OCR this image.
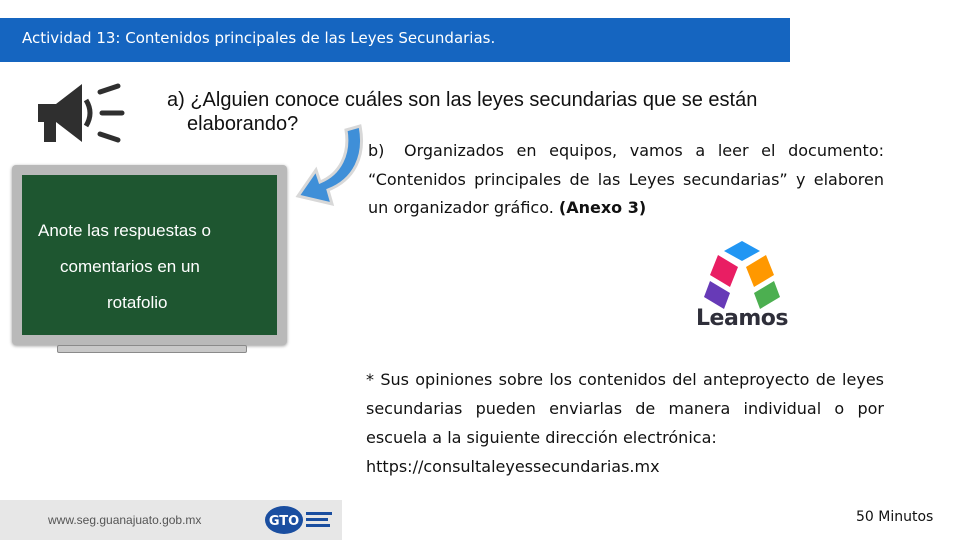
Actividad 13: Contenidos principales de las Leyes Secundarias.
a) ¿Alguien conoce cuáles son las leyes secundarias que se están
elaborando?
Anote las respuestas o
comentarios en un
rotafolio
b) Organizados en equipos, vamos a leer el documento: “Contenidos principales de las Leyes secundarias” y elaboren un organizador gráfico. (Anexo 3)
Leamos

* Sus opiniones sobre los contenidos del anteproyecto de leyes secundarias pueden enviarlas de manera individual o por escuela a la siguiente dirección electrónica:

https://consultaleyessecundarias.mx

www.seg.guanajuato.gob.mx	GTO	50 Minutos
